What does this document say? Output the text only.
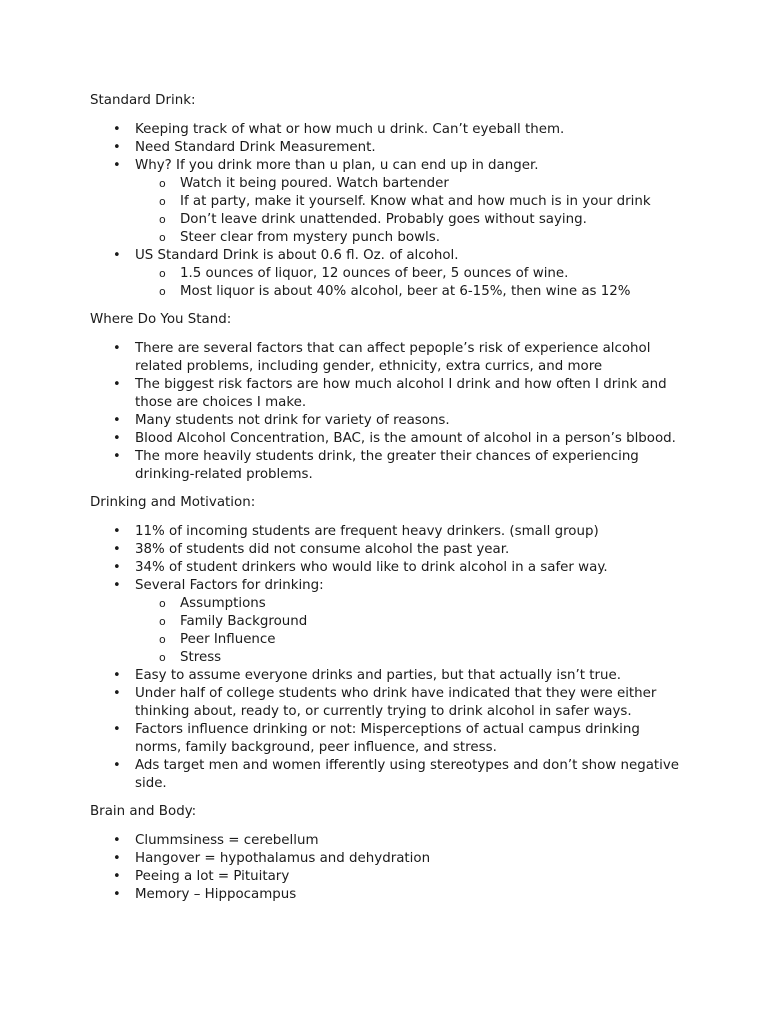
Standard Drink:
• Keeping track of what or how much u drink. Can’t eyeball them.
• Need Standard Drink Measurement.
• Why? If you drink more than u plan, u can end up in danger.
o Watch it being poured. Watch bartender
o If at party, make it yourself. Know what and how much is in your drink
o Don’t leave drink unattended. Probably goes without saying.
o Steer clear from mystery punch bowls.
• US Standard Drink is about 0.6 fl. Oz. of alcohol.
o 1.5 ounces of liquor, 12 ounces of beer, 5 ounces of wine.
o Most liquor is about 40% alcohol, beer at 6-15%, then wine as 12%
Where Do You Stand:
• There are several factors that can affect pepople’s risk of experience alcohol related problems, including gender, ethnicity, extra currics, and more
• The biggest risk factors are how much alcohol I drink and how often I drink and those are choices I make.
• Many students not drink for variety of reasons.
• Blood Alcohol Concentration, BAC, is the amount of alcohol in a person’s blbood.
• The more heavily students drink, the greater their chances of experiencing drinking-related problems.
Drinking and Motivation:
• 11% of incoming students are frequent heavy drinkers. (small group)
• 38% of students did not consume alcohol the past year.
• 34% of student drinkers who would like to drink alcohol in a safer way.
• Several Factors for drinking:
o Assumptions
o Family Background
o Peer Influence
o Stress
• Easy to assume everyone drinks and parties, but that actually isn’t true.
• Under half of college students who drink have indicated that they were either thinking about, ready to, or currently trying to drink alcohol in safer ways.
• Factors influence drinking or not: Misperceptions of actual campus drinking norms, family background, peer influence, and stress.
• Ads target men and women ifferently using stereotypes and don’t show negative side.
Brain and Body:
• Clummsiness = cerebellum
• Hangover = hypothalamus and dehydration
• Peeing a lot = Pituitary
• Memory – Hippocampus
